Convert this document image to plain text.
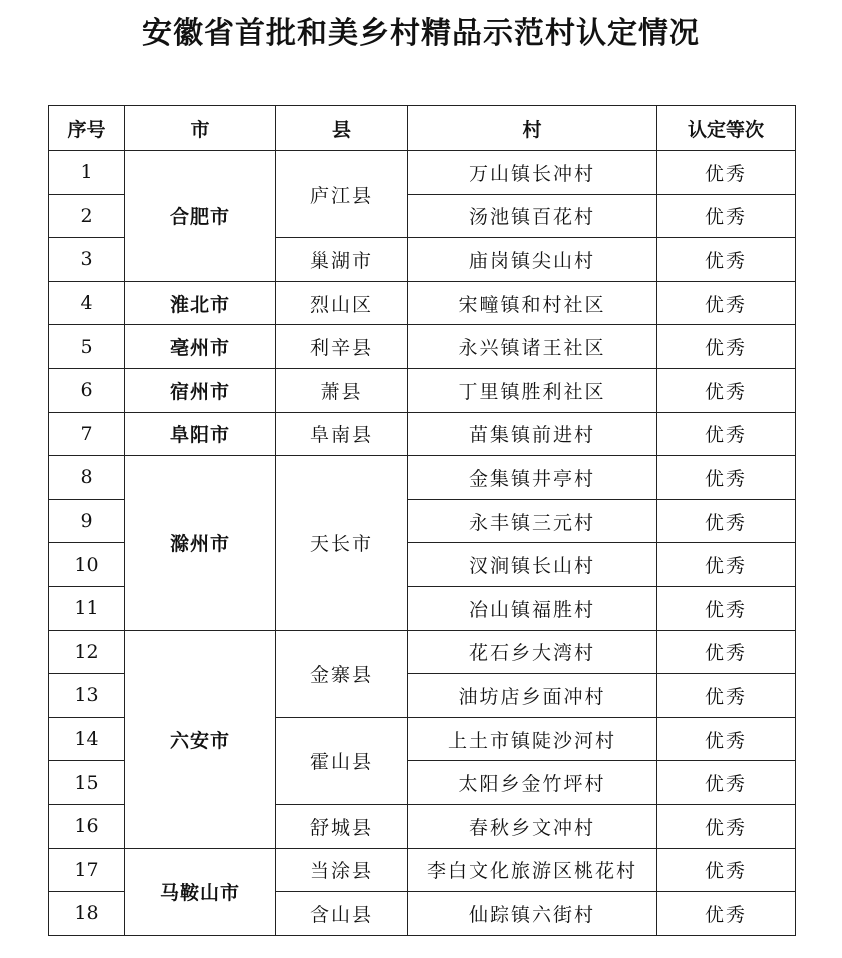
安徽省首批和美乡村精品示范村认定情况
序号	市	县	村	认定等次
1	合肥市	庐江县	万山镇长冲村	优秀
2			汤池镇百花村	优秀
3		巢湖市	庙岗镇尖山村	优秀
4	淮北市	烈山区	宋疃镇和村社区	优秀
5	亳州市	利辛县	永兴镇诸王社区	优秀
6	宿州市	萧县	丁里镇胜利社区	优秀
7	阜阳市	阜南县	苗集镇前进村	优秀
8	滁州市	天长市	金集镇井亭村	优秀
9			永丰镇三元村	优秀
10			汊涧镇长山村	优秀
11			冶山镇福胜村	优秀
12	六安市	金寨县	花石乡大湾村	优秀
13			油坊店乡面冲村	优秀
14		霍山县	上土市镇陡沙河村	优秀
15			太阳乡金竹坪村	优秀
16		舒城县	春秋乡文冲村	优秀
17	马鞍山市	当涂县	李白文化旅游区桃花村	优秀
18		含山县	仙踪镇六街村	优秀
